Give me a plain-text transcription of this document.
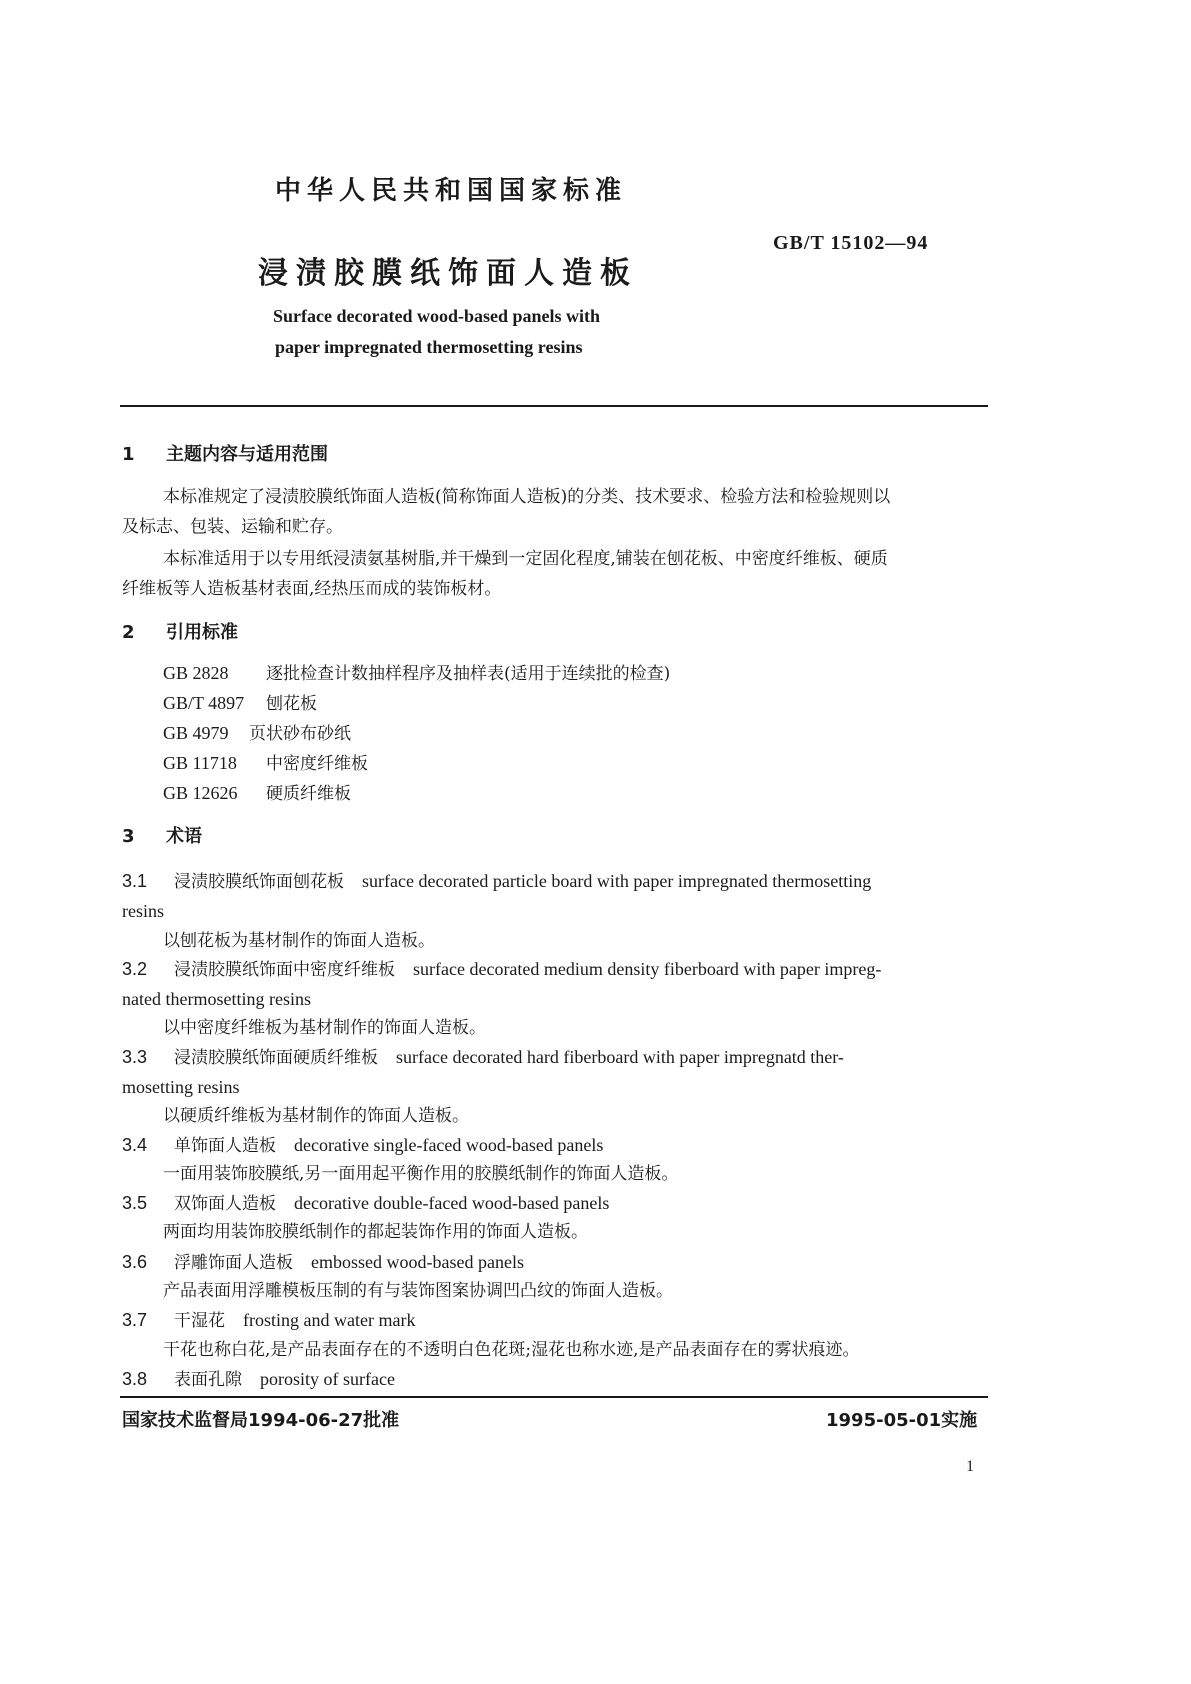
中华人民共和国国家标准
浸渍胶膜纸饰面人造板
GB/T 15102—94
Surface decorated wood-based panels with
paper impregnated thermosetting resins
1 主题内容与适用范围
本标准规定了浸渍胶膜纸饰面人造板(简称饰面人造板)的分类、技术要求、检验方法和检验规则以
及标志、包装、运输和贮存。
本标准适用于以专用纸浸渍氨基树脂,并干燥到一定固化程度,铺装在刨花板、中密度纤维板、硬质
纤维板等人造板基材表面,经热压而成的装饰板材。
2 引用标准
GB 2828 逐批检查计数抽样程序及抽样表(适用于连续批的检查)
GB/T 4897 刨花板
GB 4979 页状砂布砂纸
GB 11718 中密度纤维板
GB 12626 硬质纤维板
3 术语
3.1 浸渍胶膜纸饰面刨花板 surface decorated particle board with paper impregnated thermosetting
resins
以刨花板为基材制作的饰面人造板。
3.2 浸渍胶膜纸饰面中密度纤维板 surface decorated medium density fiberboard with paper impreg-
nated thermosetting resins
以中密度纤维板为基材制作的饰面人造板。
3.3 浸渍胶膜纸饰面硬质纤维板 surface decorated hard fiberboard with paper impregnatd ther-
mosetting resins
以硬质纤维板为基材制作的饰面人造板。
3.4 单饰面人造板 decorative single-faced wood-based panels
一面用装饰胶膜纸,另一面用起平衡作用的胶膜纸制作的饰面人造板。
3.5 双饰面人造板 decorative double-faced wood-based panels
两面均用装饰胶膜纸制作的都起装饰作用的饰面人造板。
3.6 浮雕饰面人造板 embossed wood-based panels
产品表面用浮雕模板压制的有与装饰图案协调凹凸纹的饰面人造板。
3.7 干湿花 frosting and water mark
干花也称白花,是产品表面存在的不透明白色花斑;湿花也称水迹,是产品表面存在的雾状痕迹。
3.8 表面孔隙 porosity of surface
国家技术监督局1994-06-27批准	1995-05-01实施
1
